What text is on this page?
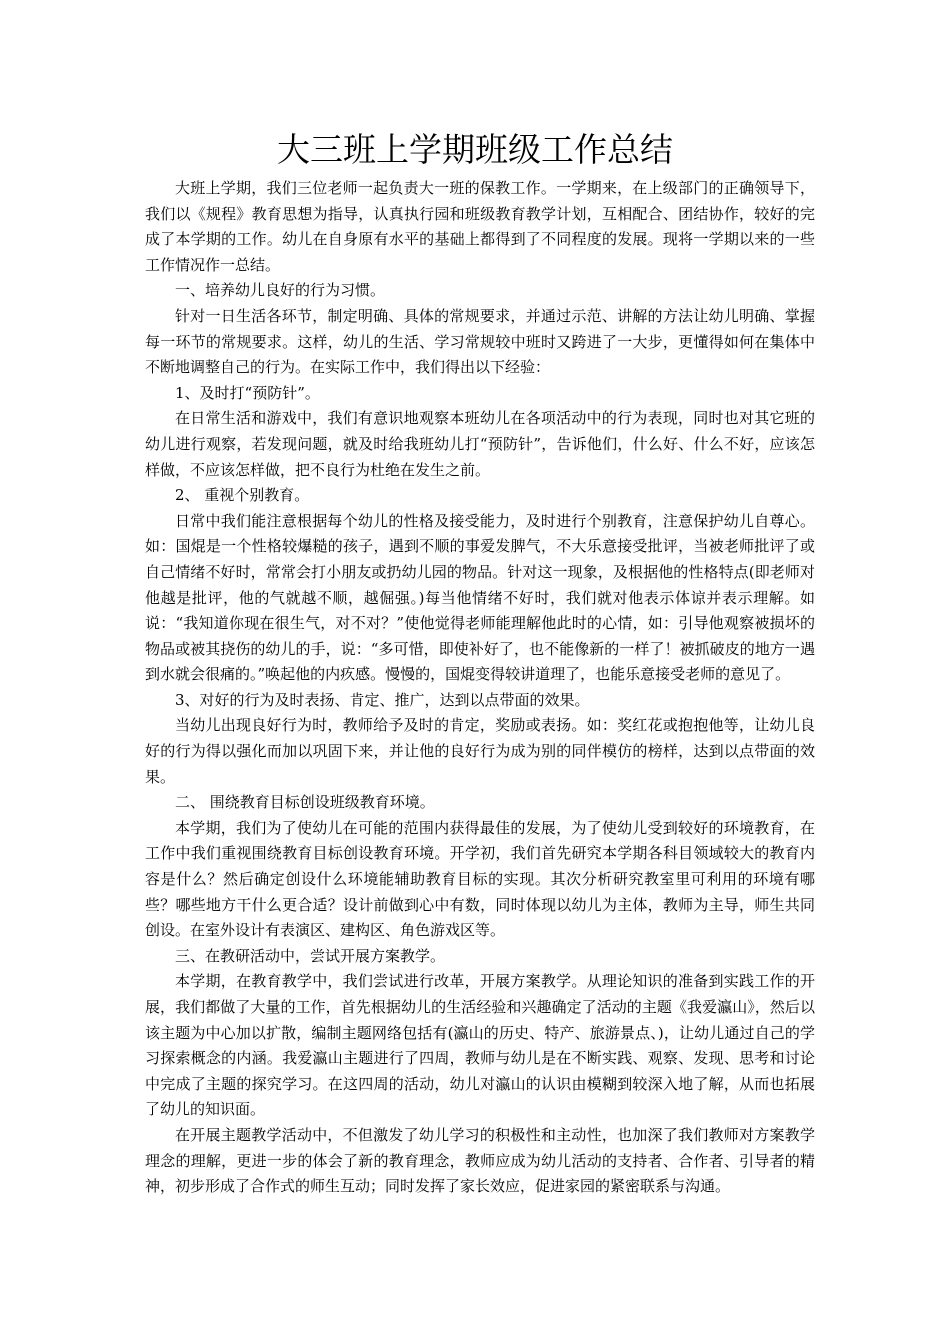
大三班上学期班级工作总结

大班上学期，我们三位老师一起负责大一班的保教工作。一学期来，在上级部门的正确领导下，我们以《规程》教育思想为指导，认真执行园和班级教育教学计划，互相配合、团结协作，较好的完成了本学期的工作。幼儿在自身原有水平的基础上都得到了不同程度的发展。现将一学期以来的一些工作情况作一总结。

一、培养幼儿良好的行为习惯。

针对一日生活各环节，制定明确、具体的常规要求，并通过示范、讲解的方法让幼儿明确、掌握每一环节的常规要求。这样，幼儿的生活、学习常规较中班时又跨进了一大步，更懂得如何在集体中不断地调整自己的行为。在实际工作中，我们得出以下经验：

1、及时打“预防针”。

在日常生活和游戏中，我们有意识地观察本班幼儿在各项活动中的行为表现，同时也对其它班的幼儿进行观察，若发现问题，就及时给我班幼儿打“预防针”，告诉他们，什么好、什么不好，应该怎样做，不应该怎样做，把不良行为杜绝在发生之前。

2、 重视个别教育。

日常中我们能注意根据每个幼儿的性格及接受能力，及时进行个别教育，注意保护幼儿自尊心。如：国焜是一个性格较爆糙的孩子，遇到不顺的事爱发脾气，不大乐意接受批评，当被老师批评了或自己情绪不好时，常常会打小朋友或扔幼儿园的物品。针对这一现象，及根据他的性格特点(即老师对他越是批评，他的气就越不顺，越倔强。)每当他情绪不好时，我们就对他表示体谅并表示理解。如说：“我知道你现在很生气，对不对？”使他觉得老师能理解他此时的心情，如：引导他观察被损坏的物品或被其挠伤的幼儿的手，说：“多可惜，即使补好了，也不能像新的一样了！被抓破皮的地方一遇到水就会很痛的。”唤起他的内疚感。慢慢的，国焜变得较讲道理了，也能乐意接受老师的意见了。

3、对好的行为及时表扬、肯定、推广，达到以点带面的效果。

当幼儿出现良好行为时，教师给予及时的肯定，奖励或表扬。如：奖红花或抱抱他等，让幼儿良好的行为得以强化而加以巩固下来，并让他的良好行为成为别的同伴模仿的榜样，达到以点带面的效果。

二、 围绕教育目标创设班级教育环境。

本学期，我们为了使幼儿在可能的范围内获得最佳的发展，为了使幼儿受到较好的环境教育，在工作中我们重视围绕教育目标创设教育环境。开学初，我们首先研究本学期各科目领域较大的教育内容是什么？然后确定创设什么环境能辅助教育目标的实现。其次分析研究教室里可利用的环境有哪些？哪些地方干什么更合适？设计前做到心中有数，同时体现以幼儿为主体，教师为主导，师生共同创设。在室外设计有表演区、建构区、角色游戏区等。

三、在教研活动中，尝试开展方案教学。

本学期，在教育教学中，我们尝试进行改革，开展方案教学。从理论知识的准备到实践工作的开展，我们都做了大量的工作，首先根据幼儿的生活经验和兴趣确定了活动的主题《我爱瀛山》，然后以该主题为中心加以扩散，编制主题网络包括有(瀛山的历史、特产、旅游景点、)，让幼儿通过自己的学习探索概念的内涵。我爱瀛山主题进行了四周，教师与幼儿是在不断实践、观察、发现、思考和讨论中完成了主题的探究学习。在这四周的活动，幼儿对瀛山的认识由模糊到较深入地了解，从而也拓展了幼儿的知识面。

在开展主题教学活动中，不但激发了幼儿学习的积极性和主动性，也加深了我们教师对方案教学理念的理解，更进一步的体会了新的教育理念，教师应成为幼儿活动的支持者、合作者、引导者的精神，初步形成了合作式的师生互动；同时发挥了家长效应，促进家园的紧密联系与沟通。
